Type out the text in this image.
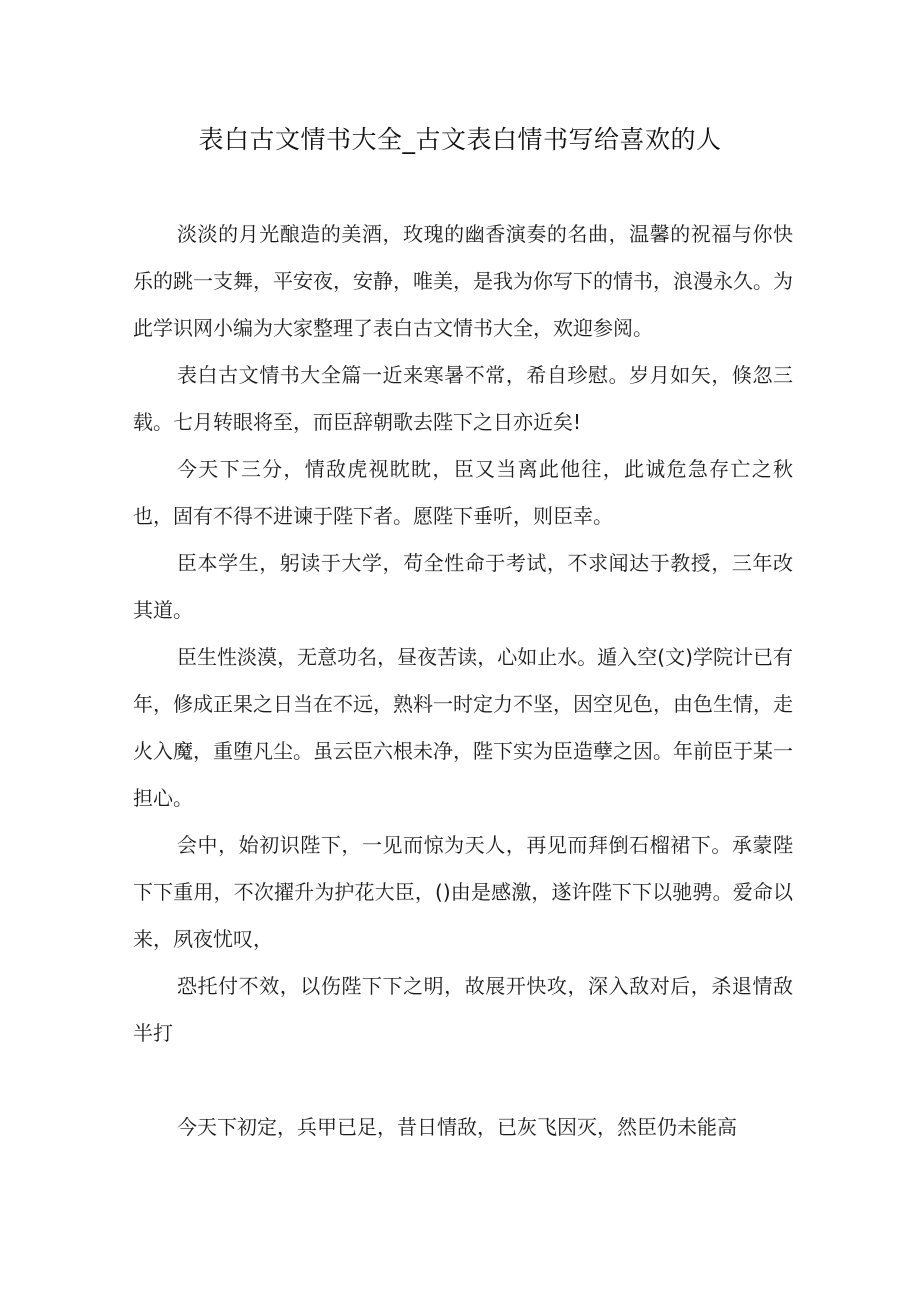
表白古文情书大全_古文表白情书写给喜欢的人

淡淡的月光酿造的美酒，玫瑰的幽香演奏的名曲，温馨的祝福与你快乐的跳一支舞，平安夜，安静，唯美，是我为你写下的情书，浪漫永久。为此学识网小编为大家整理了表白古文情书大全，欢迎参阅。

表白古文情书大全篇一近来寒暑不常，希自珍慰。岁月如矢，倏忽三载。七月转眼将至，而臣辞朝歌去陛下之日亦近矣!

今天下三分，情敌虎视眈眈，臣又当离此他往，此诚危急存亡之秋也，固有不得不进谏于陛下者。愿陛下垂听，则臣幸。

臣本学生，躬读于大学，苟全性命于考试，不求闻达于教授，三年改其道。

臣生性淡漠，无意功名，昼夜苦读，心如止水。遁入空(文)学院计已有年，修成正果之日当在不远，熟料一时定力不坚，因空见色，由色生情，走火入魔，重堕凡尘。虽云臣六根未净，陛下实为臣造孽之因。年前臣于某一担心。

会中，始初识陛下，一见而惊为天人，再见而拜倒石榴裙下。承蒙陛下下重用，不次擢升为护花大臣，()由是感激，遂许陛下下以驰骋。爱命以来，夙夜忧叹，

恐托付不效，以伤陛下下之明，故展开快攻，深入敌对后，杀退情敌半打

今天下初定，兵甲已足，昔日情敌，已灰飞因灭，然臣仍未能高
